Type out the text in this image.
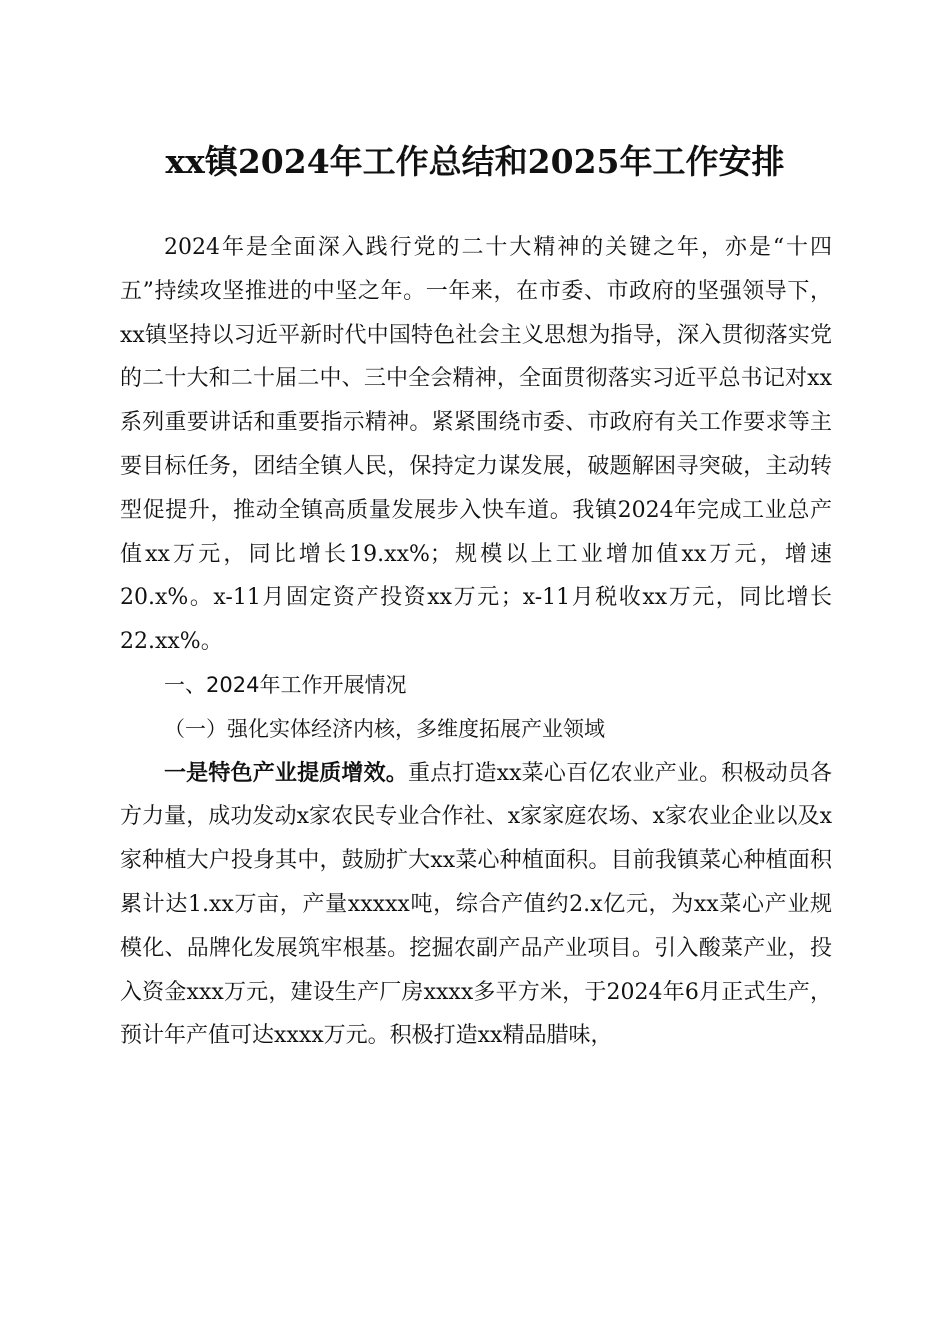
xx镇2024年工作总结和2025年工作安排

2024年是全面深入践行党的二十大精神的关键之年，亦是“十四五”持续攻坚推进的中坚之年。一年来，在市委、市政府的坚强领导下，xx镇坚持以习近平新时代中国特色社会主义思想为指导，深入贯彻落实党的二十大和二十届二中、三中全会精神，全面贯彻落实习近平总书记对xx系列重要讲话和重要指示精神。紧紧围绕市委、市政府有关工作要求等主要目标任务，团结全镇人民，保持定力谋发展，破题解困寻突破，主动转型促提升，推动全镇高质量发展步入快车道。我镇2024年完成工业总产值xx万元，同比增长19.xx%；规模以上工业增加值xx万元，增速20.x%。x-11月固定资产投资xx万元；x-11月税收xx万元，同比增长22.xx%。

一、2024年工作开展情况

（一）强化实体经济内核，多维度拓展产业领域

一是特色产业提质增效。重点打造xx菜心百亿农业产业。积极动员各方力量，成功发动x家农民专业合作社、x家家庭农场、x家农业企业以及x家种植大户投身其中，鼓励扩大xx菜心种植面积。目前我镇菜心种植面积累计达1.xx万亩，产量xxxxx吨，综合产值约2.x亿元，为xx菜心产业规模化、品牌化发展筑牢根基。挖掘农副产品产业项目。引入酸菜产业，投入资金xxx万元，建设生产厂房xxxx多平方米，于2024年6月正式生产，预计年产值可达xxxx万元。积极打造xx精品腊味，
